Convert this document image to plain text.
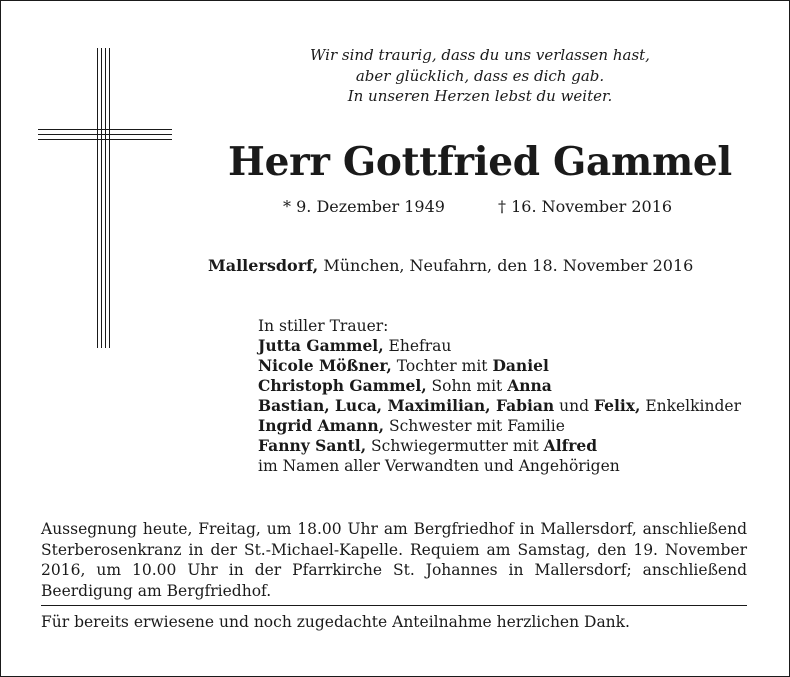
Wir sind traurig, dass du uns verlassen hast,
aber glücklich, dass es dich gab.
In unseren Herzen lebst du weiter.
Herr Gottfried Gammel
* 9. Dezember 1949	† 16. November 2016
Mallersdorf, München, Neufahrn, den 18. November 2016
In stiller Trauer:
Jutta Gammel, Ehefrau
Nicole Mößner, Tochter mit Daniel
Christoph Gammel, Sohn mit Anna
Bastian, Luca, Maximilian, Fabian und Felix, Enkelkinder
Ingrid Amann, Schwester mit Familie
Fanny Santl, Schwiegermutter mit Alfred
im Namen aller Verwandten und Angehörigen
Aussegnung heute, Freitag, um 18.00 Uhr am Bergfriedhof in Mallersdorf, anschließend Sterberosenkranz in der St.-Michael-Kapelle. Requiem am Samstag, den 19. November 2016, um 10.00 Uhr in der Pfarrkirche St. Johannes in Mallersdorf; anschließend Beerdigung am Bergfriedhof.
Für bereits erwiesene und noch zugedachte Anteilnahme herzlichen Dank.
